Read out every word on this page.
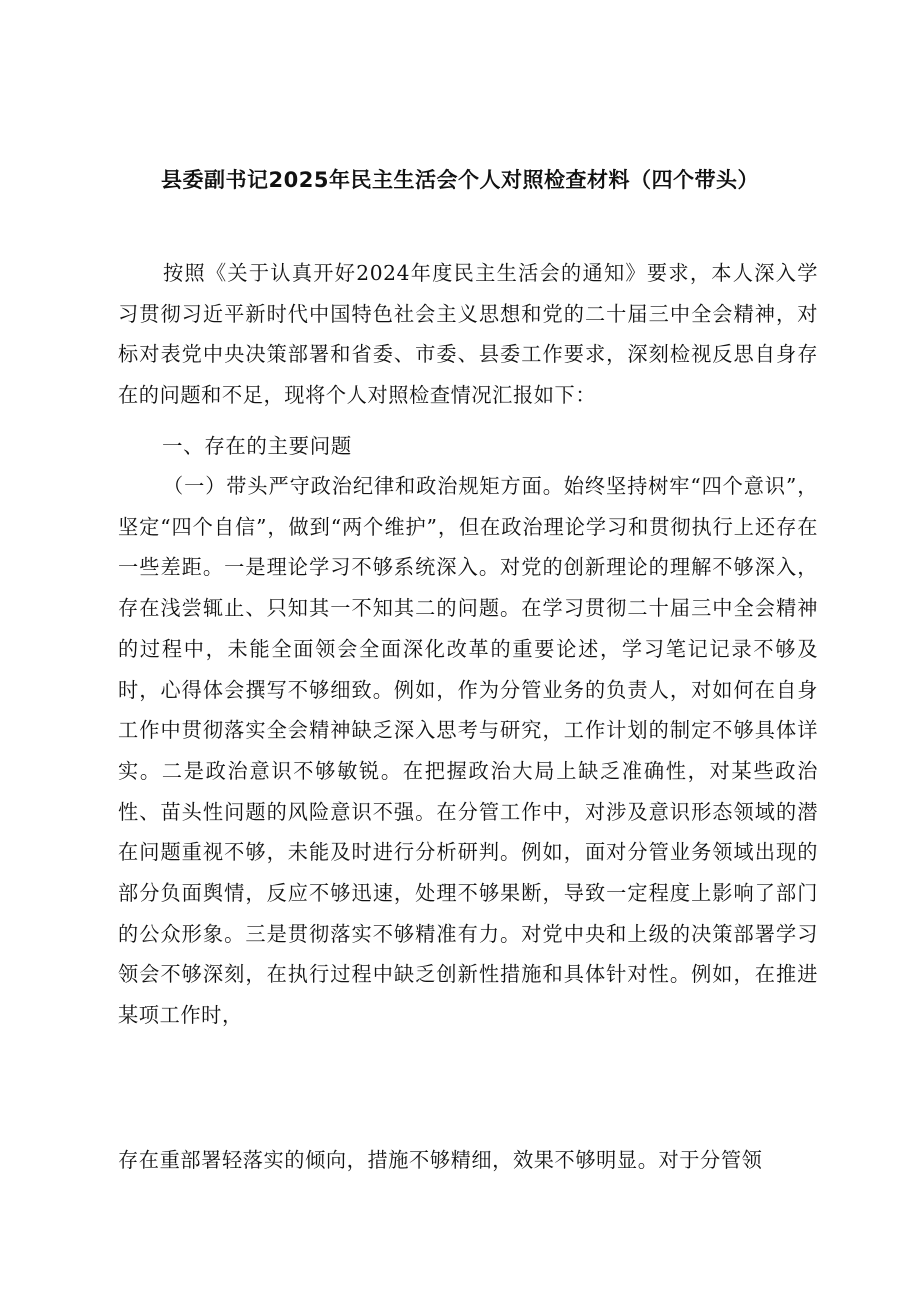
县委副书记2025年民主生活会个人对照检查材料（四个带头）

按照《关于认真开好2024年度民主生活会的通知》要求，本人深入学习贯彻习近平新时代中国特色社会主义思想和党的二十届三中全会精神，对标对表党中央决策部署和省委、市委、县委工作要求，深刻检视反思自身存在的问题和不足，现将个人对照检查情况汇报如下：

一、存在的主要问题

（一）带头严守政治纪律和政治规矩方面。始终坚持树牢“四个意识”，坚定“四个自信”，做到“两个维护”，但在政治理论学习和贯彻执行上还存在一些差距。一是理论学习不够系统深入。对党的创新理论的理解不够深入，存在浅尝辄止、只知其一不知其二的问题。在学习贯彻二十届三中全会精神的过程中，未能全面领会全面深化改革的重要论述，学习笔记记录不够及时，心得体会撰写不够细致。例如，作为分管业务的负责人，对如何在自身工作中贯彻落实全会精神缺乏深入思考与研究，工作计划的制定不够具体详实。二是政治意识不够敏锐。在把握政治大局上缺乏准确性，对某些政治性、苗头性问题的风险意识不强。在分管工作中，对涉及意识形态领域的潜在问题重视不够，未能及时进行分析研判。例如，面对分管业务领域出现的部分负面舆情，反应不够迅速，处理不够果断，导致一定程度上影响了部门的公众形象。三是贯彻落实不够精准有力。对党中央和上级的决策部署学习领会不够深刻，在执行过程中缺乏创新性措施和具体针对性。例如，在推进某项工作时，

存在重部署轻落实的倾向，措施不够精细，效果不够明显。对于分管领
